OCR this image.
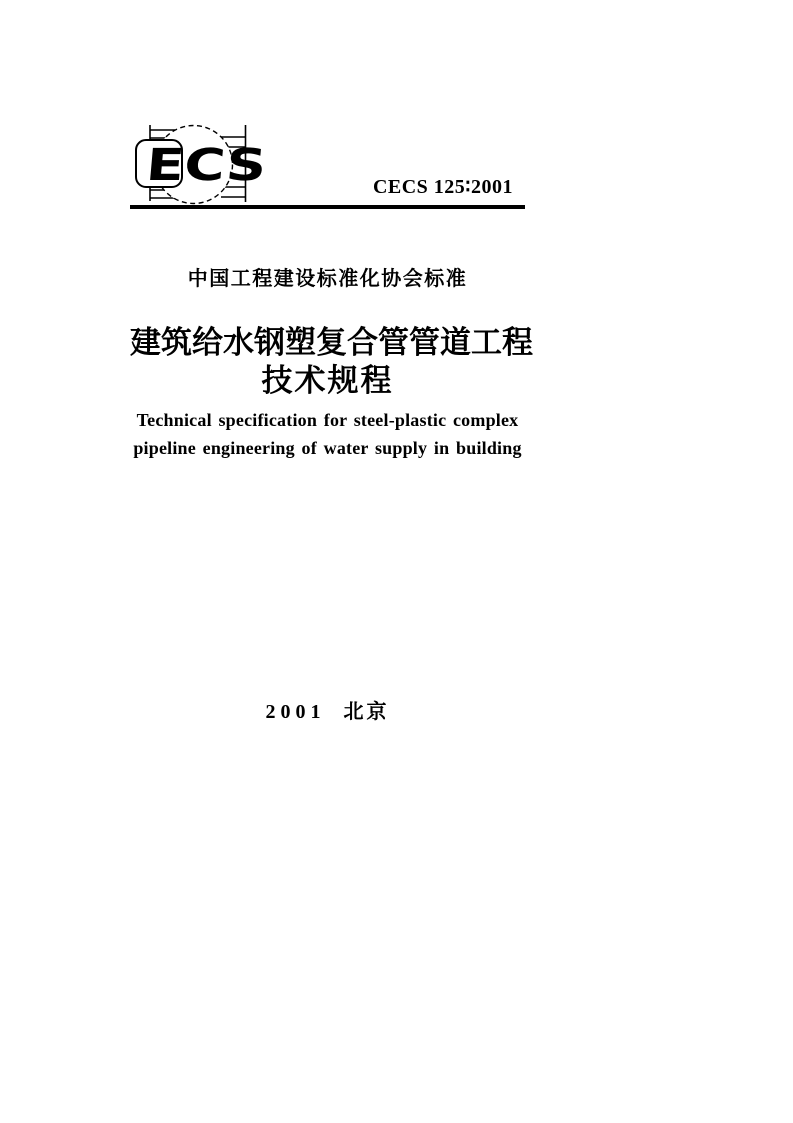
ECS	CECS 125∶2001
中国工程建设标准化协会标准
建筑给水钢塑复合管管道工程
技术规程
Technical specification for steel-plastic complex
pipeline engineering of water supply in building
2001 北京
